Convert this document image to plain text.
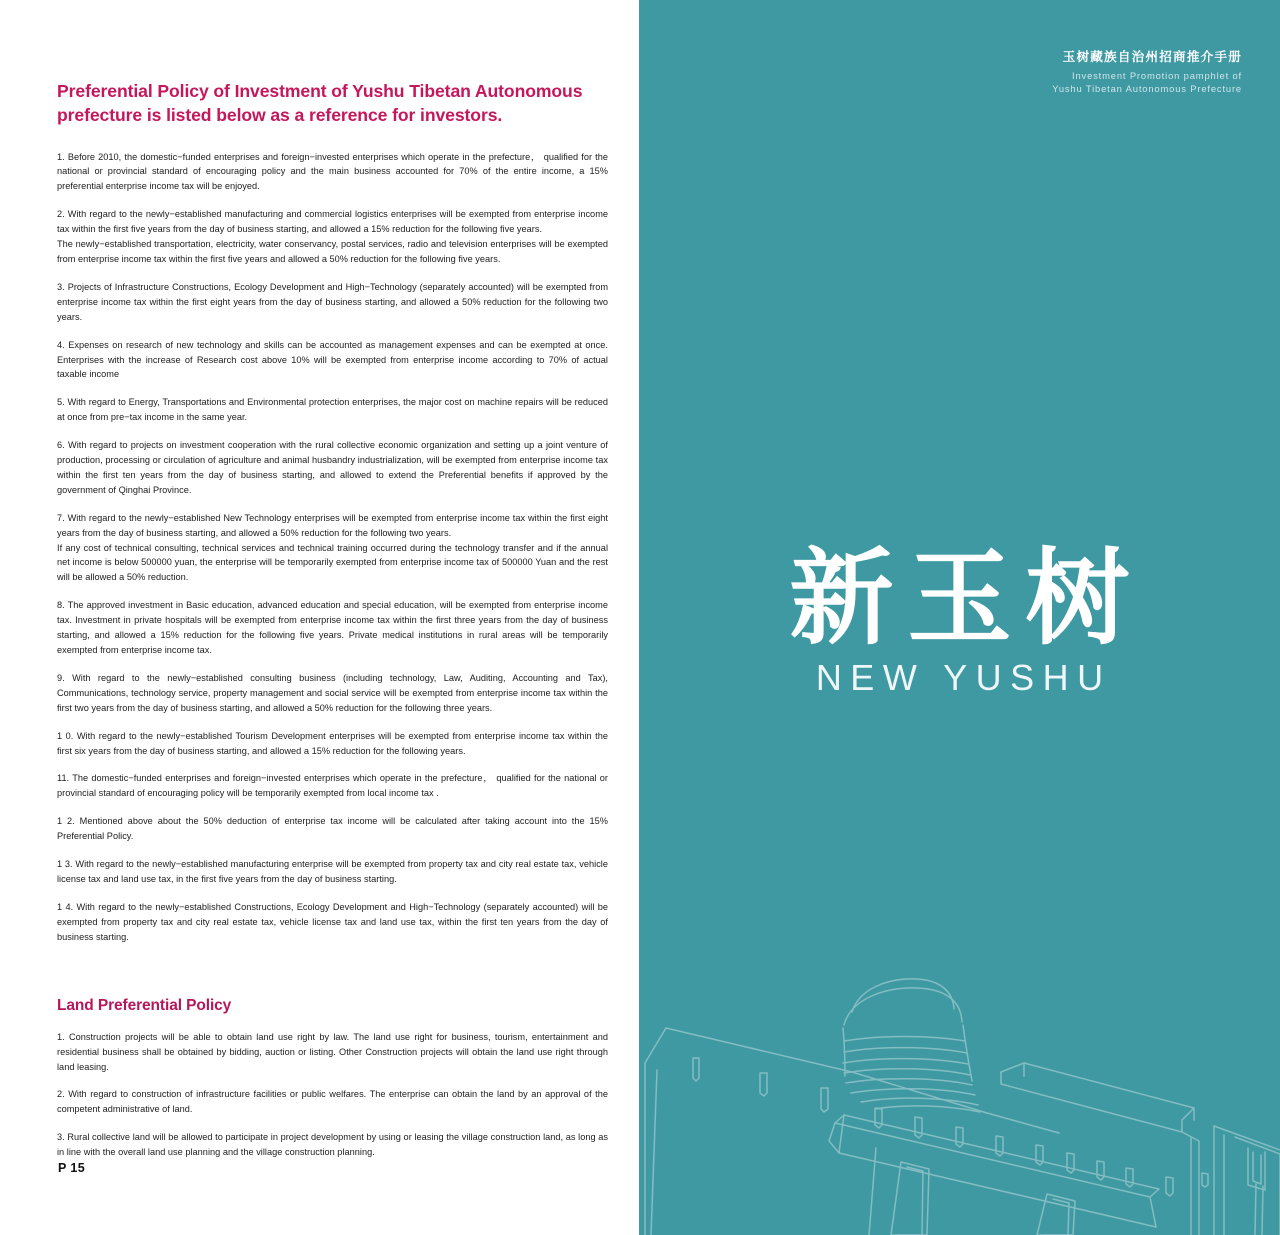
Preferential Policy of Investment of Yushu Tibetan Autonomous prefecture is listed below as a reference for investors.

1. Before 2010, the domestic−funded enterprises and foreign−invested enterprises which operate in the prefecture， qualified for the national or provincial standard of encouraging policy and the main business accounted for 70% of the entire income, a 15% preferential enterprise income tax will be enjoyed.

2. With regard to the newly−established manufacturing and commercial logistics enterprises will be exempted from enterprise income tax within the first five years from the day of business starting, and allowed a 15% reduction for the following five years.

The newly−established transportation, electricity, water conservancy, postal services, radio and television enterprises will be exempted from enterprise income tax within the first five years and allowed a 50% reduction for the following five years.

3. Projects of Infrastructure Constructions, Ecology Development and High−Technology (separately accounted) will be exempted from enterprise income tax within the first eight years from the day of business starting, and allowed a 50% reduction for the following two years.

4. Expenses on research of new technology and skills can be accounted as management expenses and can be exempted at once. Enterprises with the increase of Research cost above 10% will be exempted from enterprise income according to 70% of actual taxable income

5. With regard to Energy, Transportations and Environmental protection enterprises, the major cost on machine repairs will be reduced at once from pre−tax income in the same year.

6. With regard to projects on investment cooperation with the rural collective economic organization and setting up a joint venture of production, processing or circulation of agriculture and animal husbandry industrialization, will be exempted from enterprise income tax within the first ten years from the day of business starting, and allowed to extend the Preferential benefits if approved by the government of Qinghai Province.

7. With regard to the newly−established New Technology enterprises will be exempted from enterprise income tax within the first eight years from the day of business starting, and allowed a 50% reduction for the following two years.

If any cost of technical consulting, technical services and technical training occurred during the technology transfer and if the annual net income is below 500000 yuan, the enterprise will be temporarily exempted from enterprise income tax of 500000 Yuan and the rest will be allowed a 50% reduction.

8. The approved investment in Basic education, advanced education and special education, will be exempted from enterprise income tax. Investment in private hospitals will be exempted from enterprise income tax within the first three years from the day of business starting, and allowed a 15% reduction for the following five years. Private medical institutions in rural areas will be temporarily exempted from enterprise income tax.

9. With regard to the newly−established consulting business (including technology, Law, Auditing, Accounting and Tax), Communications, technology service, property management and social service will be exempted from enterprise income tax within the first two years from the day of business starting, and allowed a 50% reduction for the following three years.

1 0. With regard to the newly−established Tourism Development enterprises will be exempted from enterprise income tax within the first six years from the day of business starting, and allowed a 15% reduction for the following years.

11. The domestic−funded enterprises and foreign−invested enterprises which operate in the prefecture， qualified for the national or provincial standard of encouraging policy will be temporarily exempted from local income tax .

1 2. Mentioned above about the 50% deduction of enterprise tax income will be calculated after taking account into the 15% Preferential Policy.

1 3. With regard to the newly−established manufacturing enterprise will be exempted from property tax and city real estate tax, vehicle license tax and land use tax, in the first five years from the day of business starting.

1 4. With regard to the newly−established Constructions, Ecology Development and High−Technology (separately accounted) will be exempted from property tax and city real estate tax, vehicle license tax and land use tax, within the first ten years from the day of business starting.

Land Preferential Policy

1. Construction projects will be able to obtain land use right by law. The land use right for business, tourism, entertainment and residential business shall be obtained by bidding, auction or listing. Other Construction projects will obtain the land use right through land leasing.

2. With regard to construction of infrastructure facilities or public welfares. The enterprise can obtain the land by an approval of the competent administrative of land.

3. Rural collective land will be allowed to participate in project development by using or leasing the village construction land, as long as in line with the overall land use planning and the village construction planning.

P 15
玉树藏族自治州招商推介手册
Investment Promotion pamphlet of
Yushu Tibetan Autonomous Prefecture
新玉树
NEW YUSHU
